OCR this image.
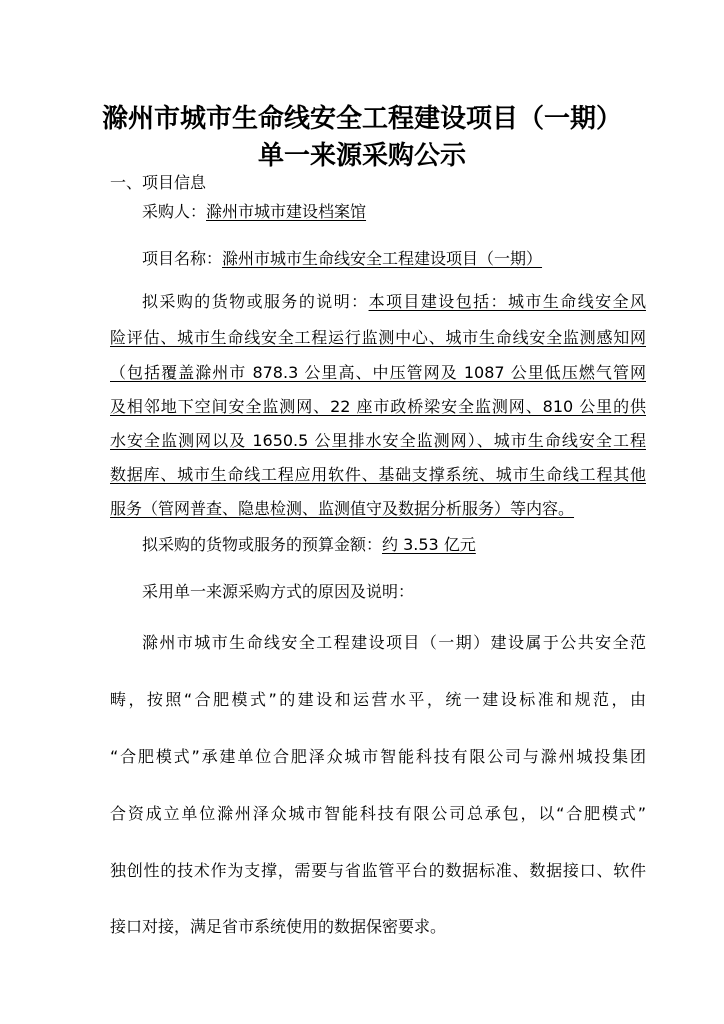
滁州市城市生命线安全工程建设项目（一期）
单一来源采购公示
一、项目信息
采购人：滁州市城市建设档案馆
项目名称：滁州市城市生命线安全工程建设项目（一期）
拟采购的货物或服务的说明：本项目建设包括：城市生命线安全风
险评估、城市生命线安全工程运行监测中心、城市生命线安全监测感知网
（包括覆盖滁州市 878.3 公里高、中压管网及 1087 公里低压燃气管网
及相邻地下空间安全监测网、22 座市政桥梁安全监测网、810 公里的供
水安全监测网以及 1650.5 公里排水安全监测网）、城市生命线安全工程
数据库、城市生命线工程应用软件、基础支撑系统、城市生命线工程其他
服务（管网普查、隐患检测、监测值守及数据分析服务）等内容。
拟采购的货物或服务的预算金额：约 3.53 亿元
采用单一来源采购方式的原因及说明：
滁州市城市生命线安全工程建设项目（一期）建设属于公共安全范
畴，按照“合肥模式”的建设和运营水平，统一建设标准和规范，由
“合肥模式”承建单位合肥泽众城市智能科技有限公司与滁州城投集团
合资成立单位滁州泽众城市智能科技有限公司总承包，以“合肥模式”
独创性的技术作为支撑，需要与省监管平台的数据标准、数据接口、软件
接口对接，满足省市系统使用的数据保密要求。
